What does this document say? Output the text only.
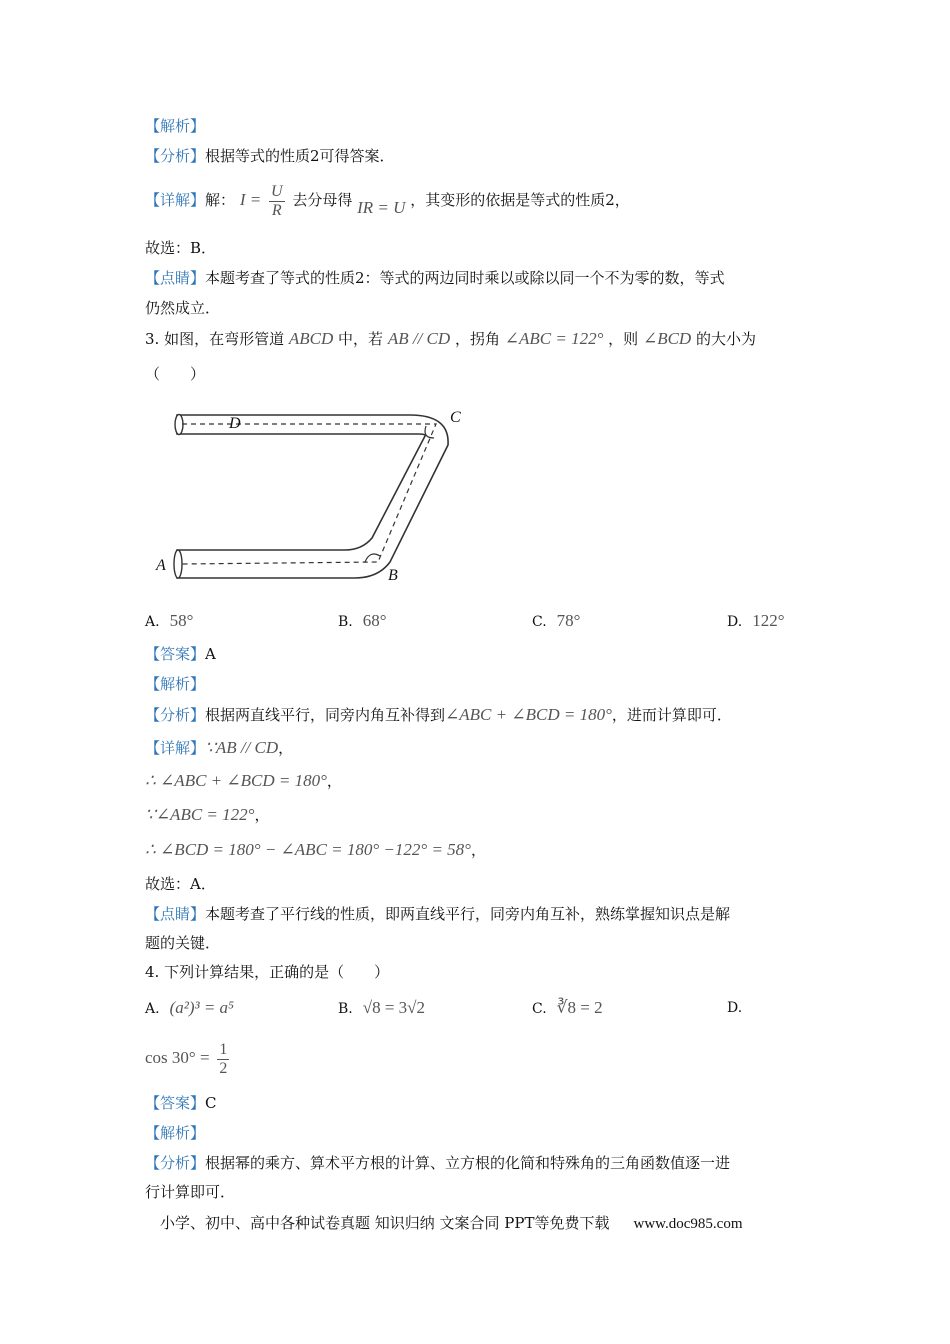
【解析】
【分析】根据等式的性质2可得答案．
【详解】解： $I = \frac{U}{R}$ 去分母得 IR = U ，其变形的依据是等式的性质2，
故选：B．
【点睛】本题考查了等式的性质2：等式的两边同时乘以或除以同一个不为零的数，等式
仍然成立．
3. 如图，在弯形管道 ABCD 中，若 AB // CD ，拐角 ∠ABC = 122° ，则 ∠BCD 的大小为
（　　）
D	C
A
B
A. 58°	B. 68°	C. 78°	D. 122°
【答案】A
【解析】
【分析】根据两直线平行，同旁内角互补得到∠ABC + ∠BCD = 180°，进而计算即可．
【详解】∵AB // CD，
∴ ∠ABC + ∠BCD = 180°，
∵∠ABC = 122°，
∴ ∠BCD = 180° − ∠ABC = 180° −122° = 58°，
故选：A．
【点睛】本题考查了平行线的性质，即两直线平行，同旁内角互补，熟练掌握知识点是解
题的关键．
4. 下列计算结果，正确的是（　　）
A. (a²)³ = a⁵	B. √8 = 3√2	C. ∛8 = 2	D.
$\cos 30^\circ = \frac{1}{2}$
【答案】C
【解析】
【分析】根据幂的乘方、算术平方根的计算、立方根的化简和特殊角的三角函数值逐一进
行计算即可．
小学、初中、高中各种试卷真题 知识归纳 文案合同 PPT等免费下载 www.doc985.com
